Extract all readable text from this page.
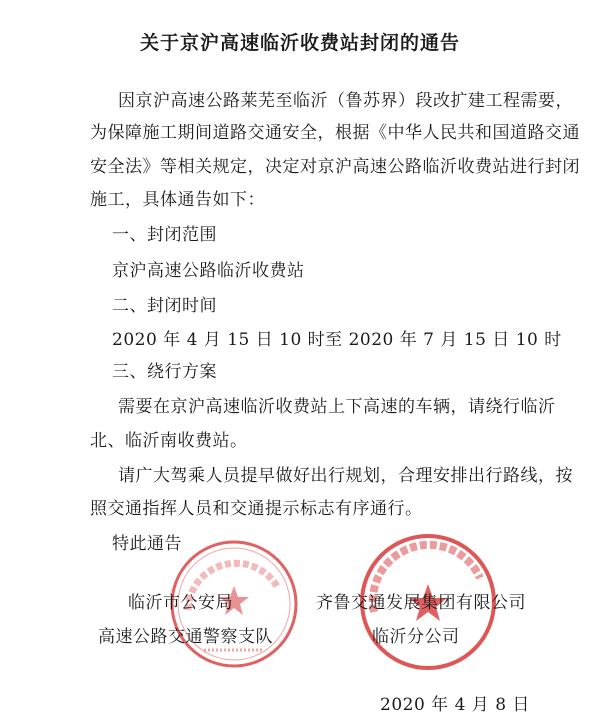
关于京沪高速临沂收费站封闭的通告
因京沪高速公路莱芜至临沂（鲁苏界）段改扩建工程需要，
为保障施工期间道路交通安全，根据《中华人民共和国道路交通
安全法》等相关规定，决定对京沪高速公路临沂收费站进行封闭
施工，具体通告如下：
一、封闭范围
京沪高速公路临沂收费站
二、封闭时间
2020 年 4 月 15 日 10 时至 2020 年 7 月 15 日 10 时
三、绕行方案
需要在京沪高速临沂收费站上下高速的车辆，请绕行临沂
北、临沂南收费站。
请广大驾乘人员提早做好出行规划，合理安排出行路线，按
照交通指挥人员和交通提示标志有序通行。
特此通告
临沂市公安局
高速公路交通警察支队
齐鲁交通发展集团有限公司
临沂分公司
2020 年 4 月 8 日
